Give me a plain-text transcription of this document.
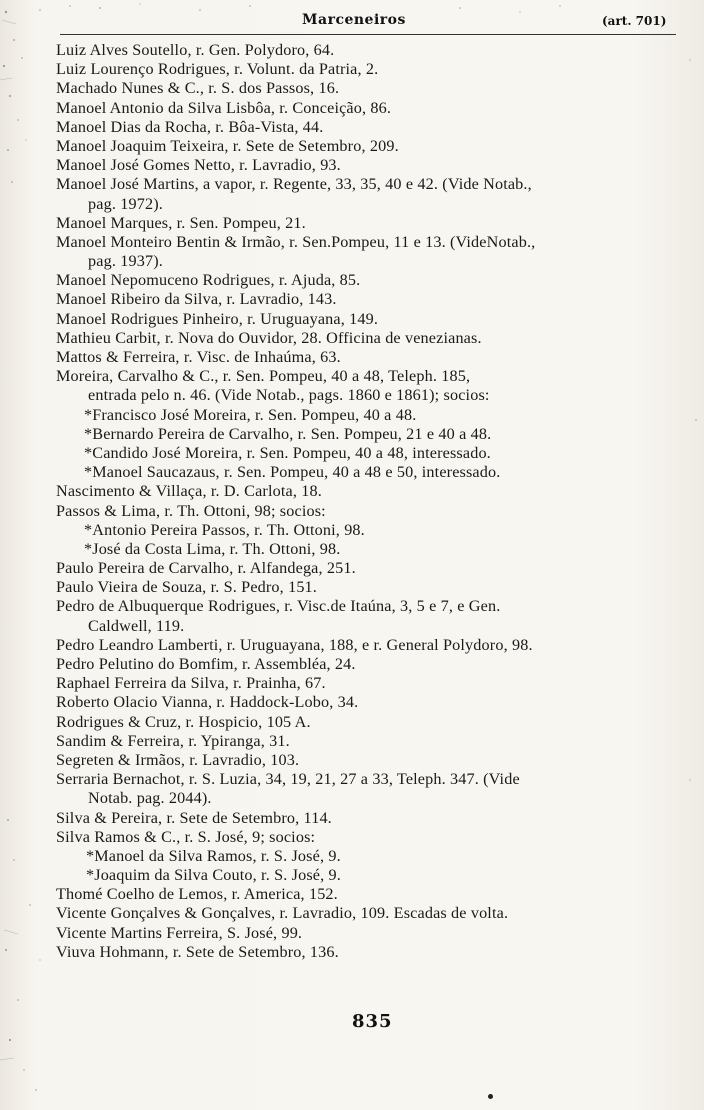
Marceneiros	(art. 701)
Luiz Alves Soutello, r. Gen. Polydoro, 64.
Luiz Lourenço Rodrigues, r. Volunt. da Patria, 2.
Machado Nunes & C., r. S. dos Passos, 16.
Manoel Antonio da Silva Lisbôa, r. Conceição, 86.
Manoel Dias da Rocha, r. Bôa-Vista, 44.
Manoel Joaquim Teixeira, r. Sete de Setembro, 209.
Manoel José Gomes Netto, r. Lavradio, 93.
Manoel José Martins, a vapor, r. Regente, 33, 35, 40 e 42. (Vide Notab.,
pag. 1972).
Manoel Marques, r. Sen. Pompeu, 21.
Manoel Monteiro Bentin & Irmão, r. Sen.Pompeu, 11 e 13. (VideNotab.,
pag. 1937).
Manoel Nepomuceno Rodrigues, r. Ajuda, 85.
Manoel Ribeiro da Silva, r. Lavradio, 143.
Manoel Rodrigues Pinheiro, r. Uruguayana, 149.
Mathieu Carbit, r. Nova do Ouvidor, 28. Officina de venezianas.
Mattos & Ferreira, r. Visc. de Inhaúma, 63.
Moreira, Carvalho & C., r. Sen. Pompeu, 40 a 48, Teleph. 185,
entrada pelo n. 46. (Vide Notab., pags. 1860 e 1861); socios:
*Francisco José Moreira, r. Sen. Pompeu, 40 a 48.
*Bernardo Pereira de Carvalho, r. Sen. Pompeu, 21 e 40 a 48.
*Candido José Moreira, r. Sen. Pompeu, 40 a 48, interessado.
*Manoel Saucazaus, r. Sen. Pompeu, 40 a 48 e 50, interessado.
Nascimento & Villaça, r. D. Carlota, 18.
Passos & Lima, r. Th. Ottoni, 98; socios:
*Antonio Pereira Passos, r. Th. Ottoni, 98.
*José da Costa Lima, r. Th. Ottoni, 98.
Paulo Pereira de Carvalho, r. Alfandega, 251.
Paulo Vieira de Souza, r. S. Pedro, 151.
Pedro de Albuquerque Rodrigues, r. Visc.de Itaúna, 3, 5 e 7, e Gen.
Caldwell, 119.
Pedro Leandro Lamberti, r. Uruguayana, 188, e r. General Polydoro, 98.
Pedro Pelutino do Bomfim, r. Assembléa, 24.
Raphael Ferreira da Silva, r. Prainha, 67.
Roberto Olacio Vianna, r. Haddock-Lobo, 34.
Rodrigues & Cruz, r. Hospicio, 105 A.
Sandim & Ferreira, r. Ypiranga, 31.
Segreten & Irmãos, r. Lavradio, 103.
Serraria Bernachot, r. S. Luzia, 34, 19, 21, 27 a 33, Teleph. 347. (Vide
Notab. pag. 2044).
Silva & Pereira, r. Sete de Setembro, 114.
Silva Ramos & C., r. S. José, 9; socios:
*Manoel da Silva Ramos, r. S. José, 9.
*Joaquim da Silva Couto, r. S. José, 9.
Thomé Coelho de Lemos, r. America, 152.
Vicente Gonçalves & Gonçalves, r. Lavradio, 109. Escadas de volta.
Vicente Martins Ferreira, S. José, 99.
Viuva Hohmann, r. Sete de Setembro, 136.
835
